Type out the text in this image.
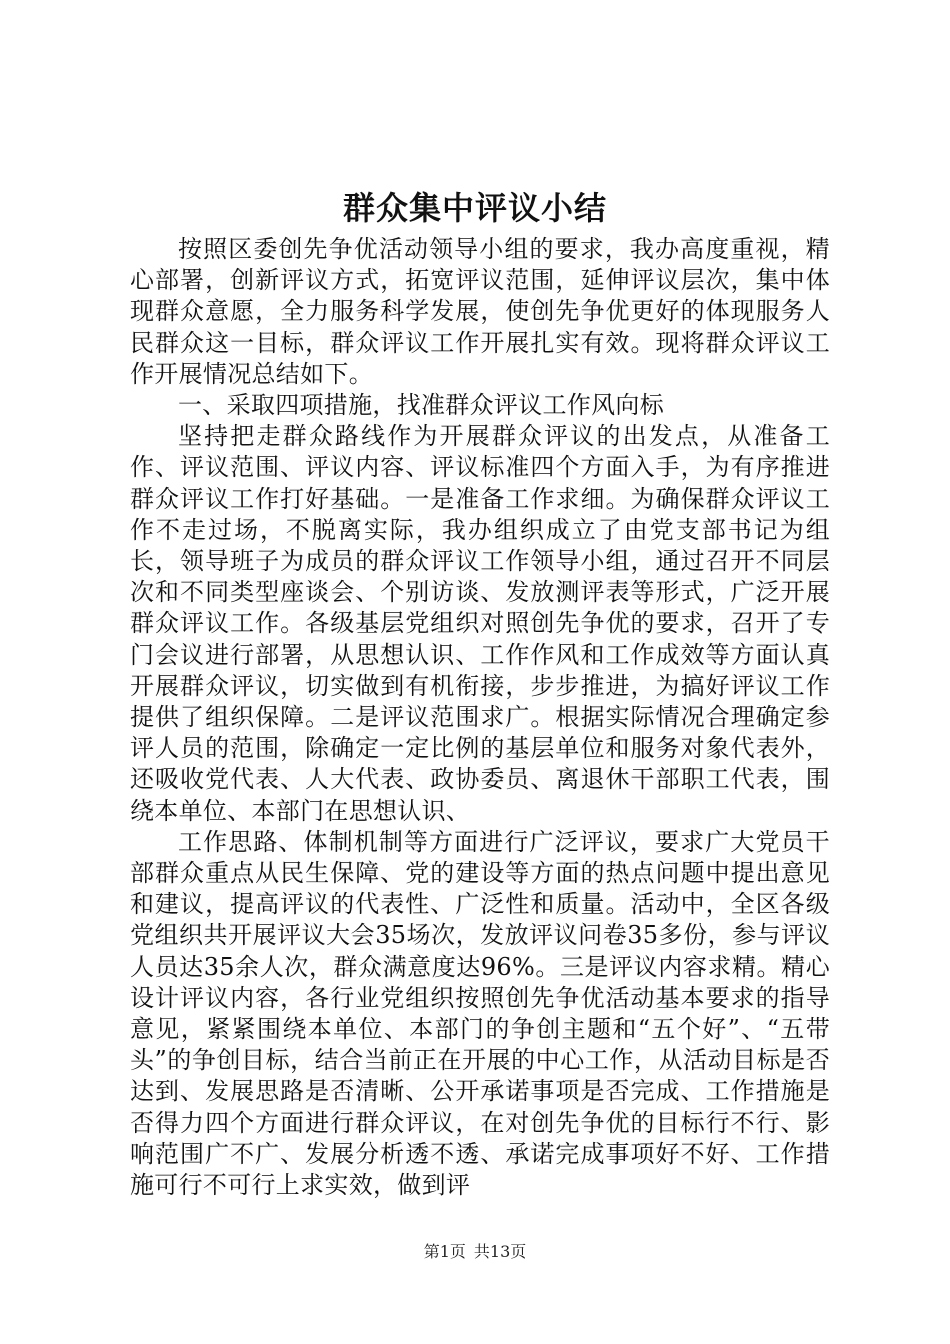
群众集中评议小结

按照区委创先争优活动领导小组的要求，我办高度重视，精心部署，创新评议方式，拓宽评议范围，延伸评议层次，集中体现群众意愿，全力服务科学发展，使创先争优更好的体现服务人民群众这一目标，群众评议工作开展扎实有效。现将群众评议工作开展情况总结如下。

一、采取四项措施，找准群众评议工作风向标

坚持把走群众路线作为开展群众评议的出发点，从准备工作、评议范围、评议内容、评议标准四个方面入手，为有序推进群众评议工作打好基础。一是准备工作求细。为确保群众评议工作不走过场，不脱离实际，我办组织成立了由党支部书记为组长，领导班子为成员的群众评议工作领导小组，通过召开不同层次和不同类型座谈会、个别访谈、发放测评表等形式，广泛开展群众评议工作。各级基层党组织对照创先争优的要求，召开了专门会议进行部署，从思想认识、工作作风和工作成效等方面认真开展群众评议，切实做到有机衔接，步步推进，为搞好评议工作提供了组织保障。二是评议范围求广。根据实际情况合理确定参评人员的范围，除确定一定比例的基层单位和服务对象代表外，还吸收党代表、人大代表、政协委员、离退休干部职工代表，围绕本单位、本部门在思想认识、

工作思路、体制机制等方面进行广泛评议，要求广大党员干部群众重点从民生保障、党的建设等方面的热点问题中提出意见和建议，提高评议的代表性、广泛性和质量。活动中，全区各级党组织共开展评议大会35场次，发放评议问卷35多份，参与评议人员达35余人次，群众满意度达96%。三是评议内容求精。精心设计评议内容，各行业党组织按照创先争优活动基本要求的指导意见，紧紧围绕本单位、本部门的争创主题和“五个好”、“五带头”的争创目标，结合当前正在开展的中心工作，从活动目标是否达到、发展思路是否清晰、公开承诺事项是否完成、工作措施是否得力四个方面进行群众评议，在对创先争优的目标行不行、影响范围广不广、发展分析透不透、承诺完成事项好不好、工作措施可行不可行上求实效，做到评

第1页 共13页
